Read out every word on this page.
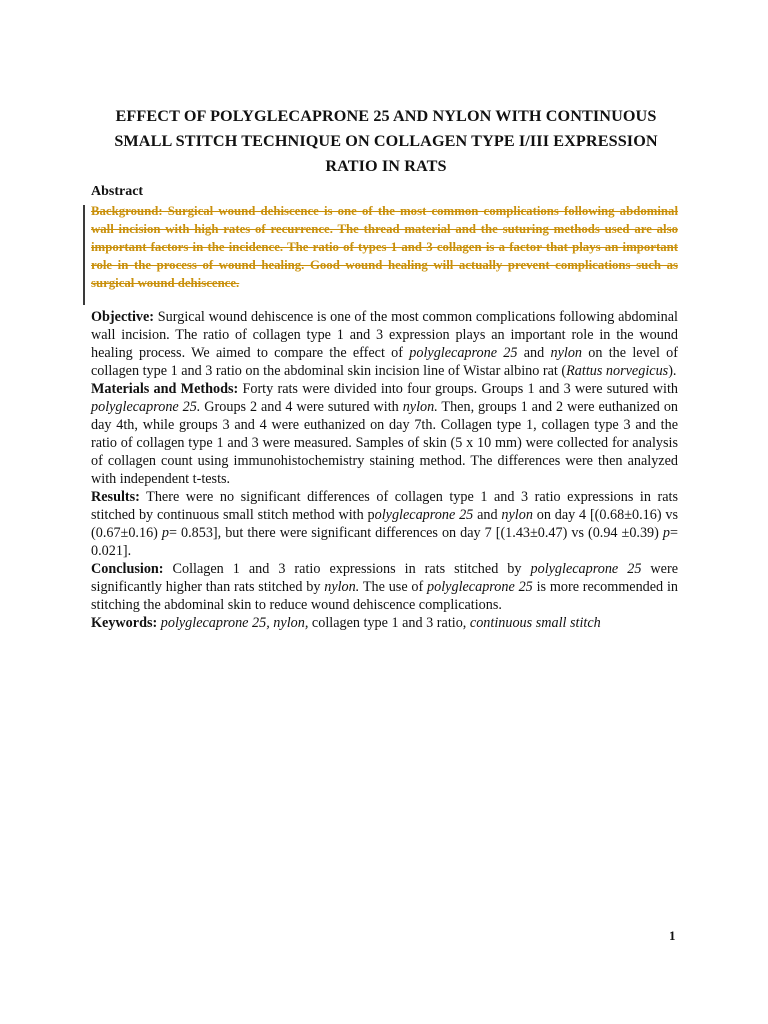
EFFECT OF POLYGLECAPRONE 25 AND NYLON WITH CONTINUOUS
SMALL STITCH TECHNIQUE ON COLLAGEN TYPE I/III EXPRESSION
RATIO IN RATS
Abstract
Background: Surgical wound dehiscence is one of the most common complications following abdominal wall incision with high rates of recurrence. The thread material and the suturing methods used are also important factors in the incidence. The ratio of types 1 and 3 collagen is a factor that plays an important role in the process of wound healing. Good wound healing will actually prevent complications such as surgical wound dehiscence.

Objective: Surgical wound dehiscence is one of the most common complications following abdominal wall incision. The ratio of collagen type 1 and 3 expression plays an important role in the wound healing process. We aimed to compare the effect of polyglecaprone 25 and nylon on the level of collagen type 1 and 3 ratio on the abdominal skin incision line of Wistar albino rat (Rattus norvegicus).

Materials and Methods: Forty rats were divided into four groups. Groups 1 and 3 were sutured with polyglecaprone 25. Groups 2 and 4 were sutured with nylon. Then, groups 1 and 2 were euthanized on day 4th, while groups 3 and 4 were euthanized on day 7th. Collagen type 1, collagen type 3 and the ratio of collagen type 1 and 3 were measured. Samples of skin (5 x 10 mm) were collected for analysis of collagen count using immunohistochemistry staining method. The differences were then analyzed with independent t-tests.

Results: There were no significant differences of collagen type 1 and 3 ratio expressions in rats stitched by continuous small stitch method with polyglecaprone 25 and nylon on day 4 [(0.68±0.16) vs (0.67±0.16) p= 0.853], but there were significant differences on day 7 [(1.43±0.47) vs (0.94 ±0.39) p= 0.021].

Conclusion: Collagen 1 and 3 ratio expressions in rats stitched by polyglecaprone 25 were significantly higher than rats stitched by nylon. The use of polyglecaprone 25 is more recommended in stitching the abdominal skin to reduce wound dehiscence complications.

Keywords: polyglecaprone 25, nylon, collagen type 1 and 3 ratio, continuous small stitch

1
